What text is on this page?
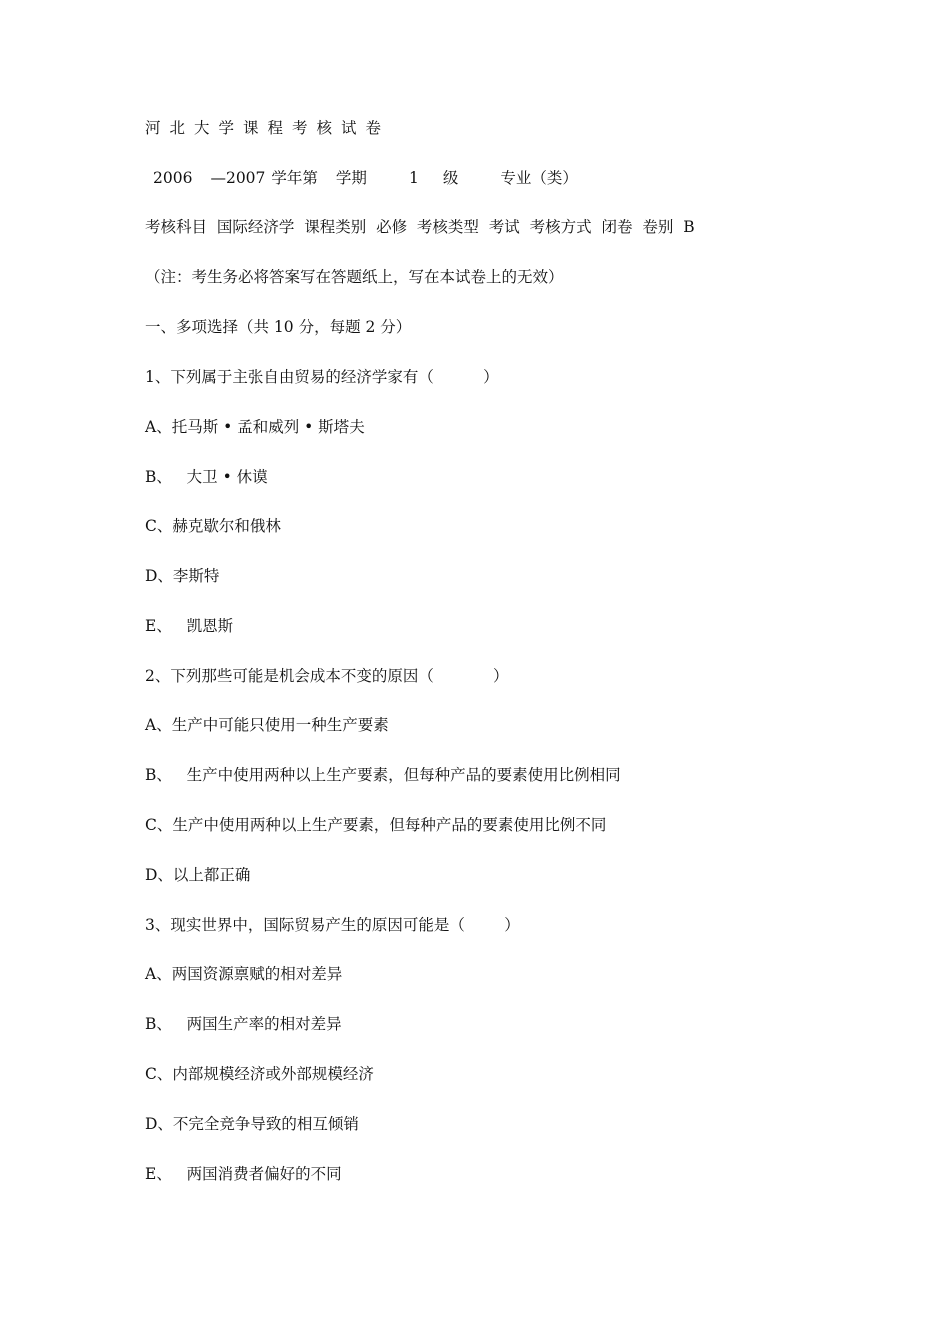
河北大学课程考核试卷
2006 —2007 学年第 学期	1 级	专业（类）
考核科目  国际经济学  课程类别  必修  考核类型  考试  考核方式  闭卷  卷别  B
（注：考生务必将答案写在答题纸上，写在本试卷上的无效）
一、多项选择（共 10 分，每题 2 分）
1、下列属于主张自由贸易的经济学家有（          ）
A、托马斯 • 孟和威列 • 斯塔夫
B、   大卫 • 休谟
C、赫克歇尔和俄林
D、李斯特
E、   凯恩斯
2、下列那些可能是机会成本不变的原因（            ）
A、生产中可能只使用一种生产要素
B、   生产中使用两种以上生产要素，但每种产品的要素使用比例相同
C、生产中使用两种以上生产要素，但每种产品的要素使用比例不同
D、以上都正确
3、现实世界中，国际贸易产生的原因可能是（        ）
A、两国资源禀赋的相对差异
B、   两国生产率的相对差异
C、内部规模经济或外部规模经济
D、不完全竞争导致的相互倾销
E、   两国消费者偏好的不同
